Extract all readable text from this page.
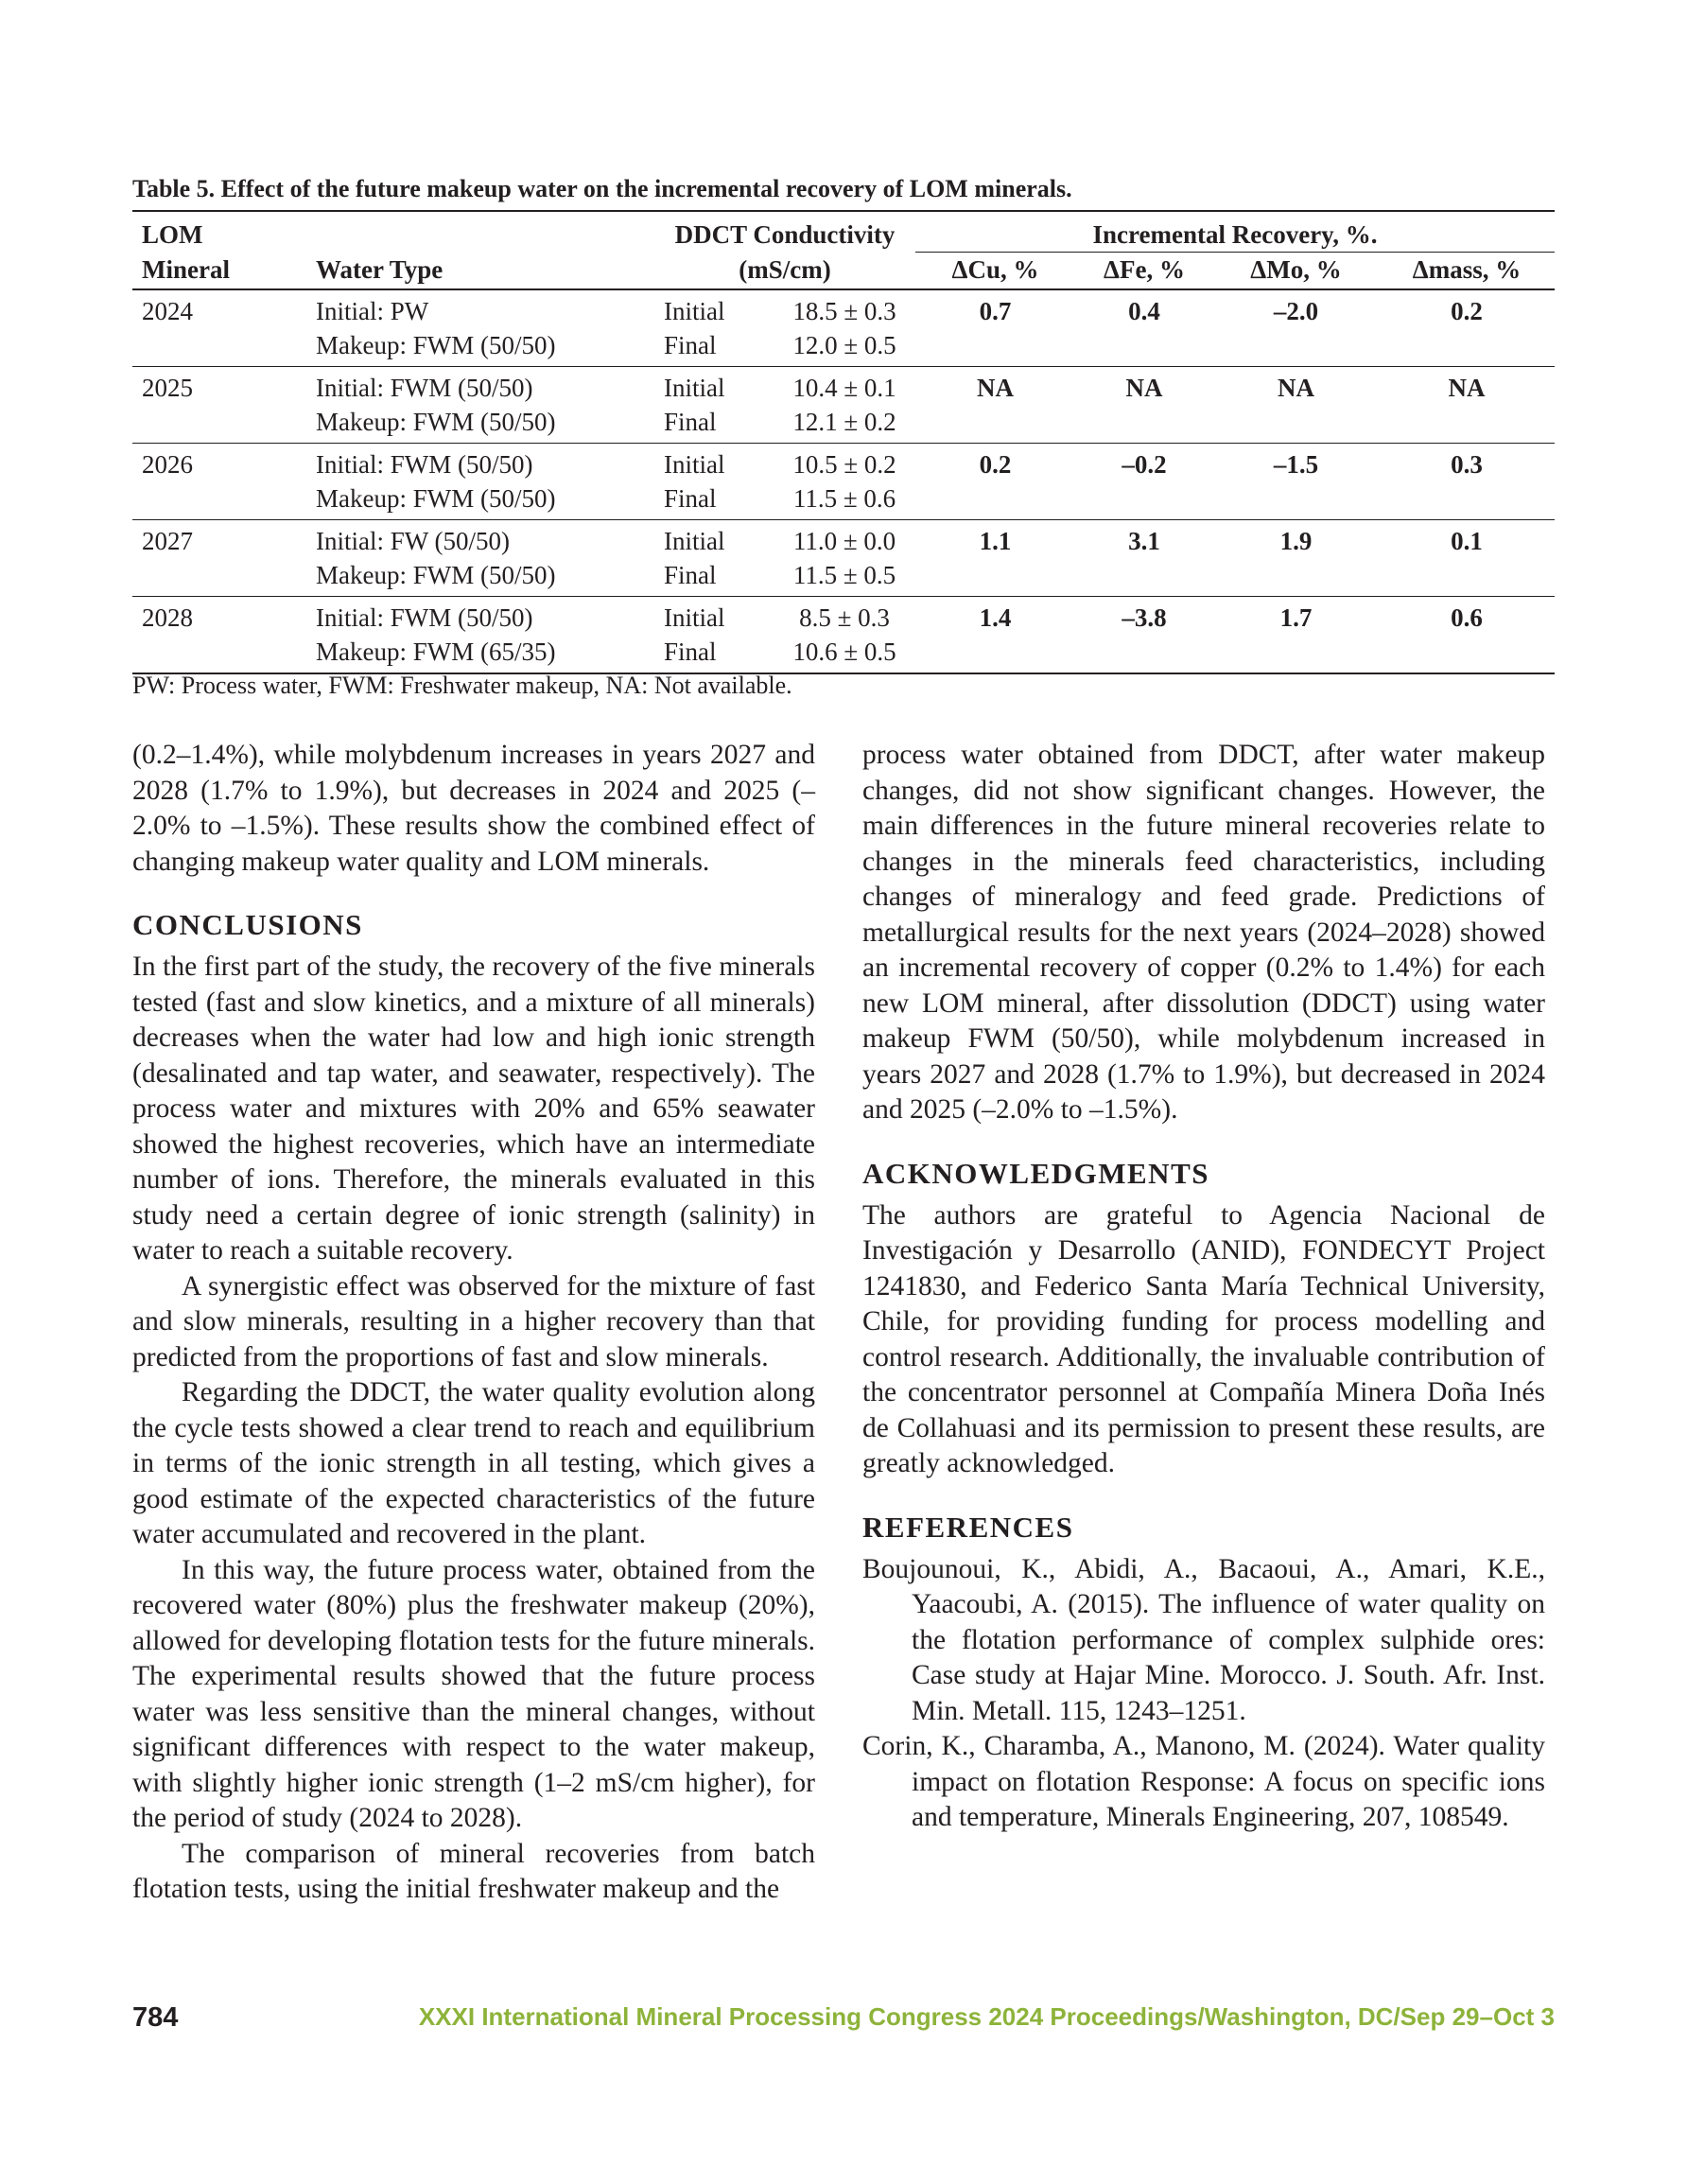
Table 5. Effect of the future makeup water on the incremental recovery of LOM minerals.
LOM		DDCT Conductivity		Incremental Recovery, %.			
Mineral	Water Type	(mS/cm)		ΔCu, %	ΔFe, %	ΔMo, %	Δmass, %
2024	Initial: PW	Initial	18.5 ± 0.3	0.7	0.4	–2.0	0.2
	Makeup: FWM (50/50)	Final	12.0 ± 0.5				
2025	Initial: FWM (50/50)	Initial	10.4 ± 0.1	NA	NA	NA	NA
	Makeup: FWM (50/50)	Final	12.1 ± 0.2				
2026	Initial: FWM (50/50)	Initial	10.5 ± 0.2	0.2	–0.2	–1.5	0.3
	Makeup: FWM (50/50)	Final	11.5 ± 0.6				
2027	Initial: FW (50/50)	Initial	11.0 ± 0.0	1.1	3.1	1.9	0.1
	Makeup: FWM (50/50)	Final	11.5 ± 0.5				
2028	Initial: FWM (50/50)	Initial	8.5 ± 0.3	1.4	–3.8	1.7	0.6
	Makeup: FWM (65/35)	Final	10.6 ± 0.5				
PW: Process water, FWM: Freshwater makeup, NA: Not available.

(0.2–1.4%), while molybdenum increases in years 2027 and 2028 (1.7% to 1.9%), but decreases in 2024 and 2025 (–2.0% to –1.5%). These results show the combined effect of changing makeup water quality and LOM minerals.

CONCLUSIONS

In the first part of the study, the recovery of the five minerals tested (fast and slow kinetics, and a mixture of all minerals) decreases when the water had low and high ionic strength (desalinated and tap water, and seawater, respectively). The process water and mixtures with 20% and 65% seawater showed the highest recoveries, which have an intermediate number of ions. Therefore, the minerals evaluated in this study need a certain degree of ionic strength (salinity) in water to reach a suitable recovery.

A synergistic effect was observed for the mixture of fast and slow minerals, resulting in a higher recovery than that predicted from the proportions of fast and slow minerals.

Regarding the DDCT, the water quality evolution along the cycle tests showed a clear trend to reach and equilibrium in terms of the ionic strength in all testing, which gives a good estimate of the expected characteristics of the future water accumulated and recovered in the plant.

In this way, the future process water, obtained from the recovered water (80%) plus the freshwater makeup (20%), allowed for developing flotation tests for the future minerals. The experimental results showed that the future process water was less sensitive than the mineral changes, without significant differences with respect to the water makeup, with slightly higher ionic strength (1–2 mS/cm higher), for the period of study (2024 to 2028).

The comparison of mineral recoveries from batch flotation tests, using the initial freshwater makeup and the

process water obtained from DDCT, after water makeup changes, did not show significant changes. However, the main differences in the future mineral recoveries relate to changes in the minerals feed characteristics, including changes of mineralogy and feed grade. Predictions of metallurgical results for the next years (2024–2028) showed an incremental recovery of copper (0.2% to 1.4%) for each new LOM mineral, after dissolution (DDCT) using water makeup FWM (50/50), while molybdenum increased in years 2027 and 2028 (1.7% to 1.9%), but decreased in 2024 and 2025 (–2.0% to –1.5%).

ACKNOWLEDGMENTS

The authors are grateful to Agencia Nacional de Investigación y Desarrollo (ANID), FONDECYT Project 1241830, and Federico Santa María Technical University, Chile, for providing funding for process modelling and control research. Additionally, the invaluable contribution of the concentrator personnel at Compañía Minera Doña Inés de Collahuasi and its permission to present these results, are greatly acknowledged.

REFERENCES

Boujounoui, K., Abidi, A., Bacaoui, A., Amari, K.E., Yaacoubi, A. (2015). The influence of water quality on the flotation performance of complex sulphide ores: Case study at Hajar Mine. Morocco. J. South. Afr. Inst. Min. Metall. 115, 1243–1251.

Corin, K., Charamba, A., Manono, M. (2024). Water quality impact on flotation Response: A focus on specific ions and temperature, Minerals Engineering, 207, 108549.

784	XXXI International Mineral Processing Congress 2024 Proceedings/Washington, DC/Sep 29–Oct 3
